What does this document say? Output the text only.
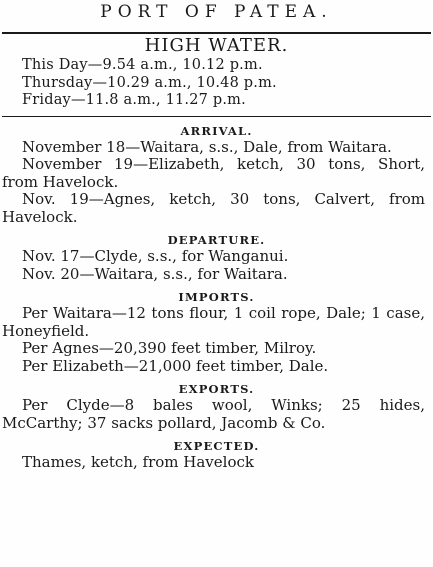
PORT OF PATEA.
HIGH WATER.
This Day—9.54 a.m., 10.12 p.m.
Thursday—10.29 a.m., 10.48 p.m.
Friday—11.8 a.m., 11.27 p.m.
ARRIVAL.

November 18—Waitara, s.s., Dale, from Waitara.

November 19—Elizabeth, ketch, 30 tons, Short, from Havelock.

Nov. 19—Agnes, ketch, 30 tons, Calvert, from Havelock.

DEPARTURE.

Nov. 17—Clyde, s.s., for Wanganui.

Nov. 20—Waitara, s.s., for Waitara.

IMPORTS.

Per Waitara—12 tons flour, 1 coil rope, Dale; 1 case, Honeyfield.

Per Agnes—20,390 feet timber, Milroy.

Per Elizabeth—21,000 feet timber, Dale.

EXPORTS.

Per Clyde—8 bales wool, Winks; 25 hides, McCarthy; 37 sacks pollard, Jacomb & Co.

EXPECTED.

Thames, ketch, from Havelock
